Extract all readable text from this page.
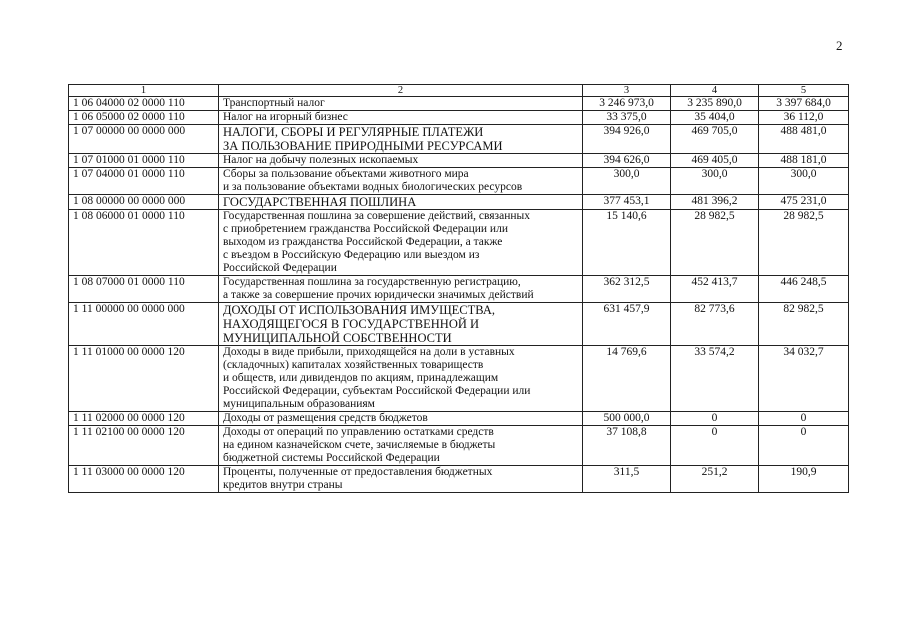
2
1	2	3	4	5
1 06 04000 02 0000 110	Транспортный налог	3 246 973,0	3 235 890,0	3 397 684,0
1 06 05000 02 0000 110	Налог на игорный бизнес	33 375,0	35 404,0	36 112,0
1 07 00000 00 0000 000	НАЛОГИ, СБОРЫ И РЕГУЛЯРНЫЕ ПЛАТЕЖИ
ЗА ПОЛЬЗОВАНИЕ ПРИРОДНЫМИ РЕСУРСАМИ	394 926,0	469 705,0	488 481,0
1 07 01000 01 0000 110	Налог на добычу полезных ископаемых	394 626,0	469 405,0	488 181,0
1 07 04000 01 0000 110	Сборы за пользование объектами животного мира
и за пользование объектами водных биологических ресурсов	300,0	300,0	300,0
1 08 00000 00 0000 000	ГОСУДАРСТВЕННАЯ ПОШЛИНА	377 453,1	481 396,2	475 231,0
1 08 06000 01 0000 110	Государственная пошлина за совершение действий, связанных
с приобретением гражданства Российской Федерации или
выходом из гражданства Российской Федерации, а также
с въездом в Российскую Федерацию или выездом из
Российской Федерации	15 140,6	28 982,5	28 982,5
1 08 07000 01 0000 110	Государственная пошлина за государственную регистрацию,
а также за совершение прочих юридически значимых действий	362 312,5	452 413,7	446 248,5
1 11 00000 00 0000 000	ДОХОДЫ ОТ ИСПОЛЬЗОВАНИЯ ИМУЩЕСТВА,
НАХОДЯЩЕГОСЯ В ГОСУДАРСТВЕННОЙ И
МУНИЦИПАЛЬНОЙ СОБСТВЕННОСТИ	631 457,9	82 773,6	82 982,5
1 11 01000 00 0000 120	Доходы в виде прибыли, приходящейся на доли в уставных
(складочных) капиталах хозяйственных товариществ
и обществ, или дивидендов по акциям, принадлежащим
Российской Федерации, субъектам Российской Федерации или
муниципальным образованиям	14 769,6	33 574,2	34 032,7
1 11 02000 00 0000 120	Доходы от размещения средств бюджетов	500 000,0	0	0
1 11 02100 00 0000 120	Доходы от операций по управлению остатками средств
на едином казначейском счете, зачисляемые в бюджеты
бюджетной системы Российской Федерации	37 108,8	0	0
1 11 03000 00 0000 120	Проценты, полученные от предоставления бюджетных
кредитов внутри страны	311,5	251,2	190,9
